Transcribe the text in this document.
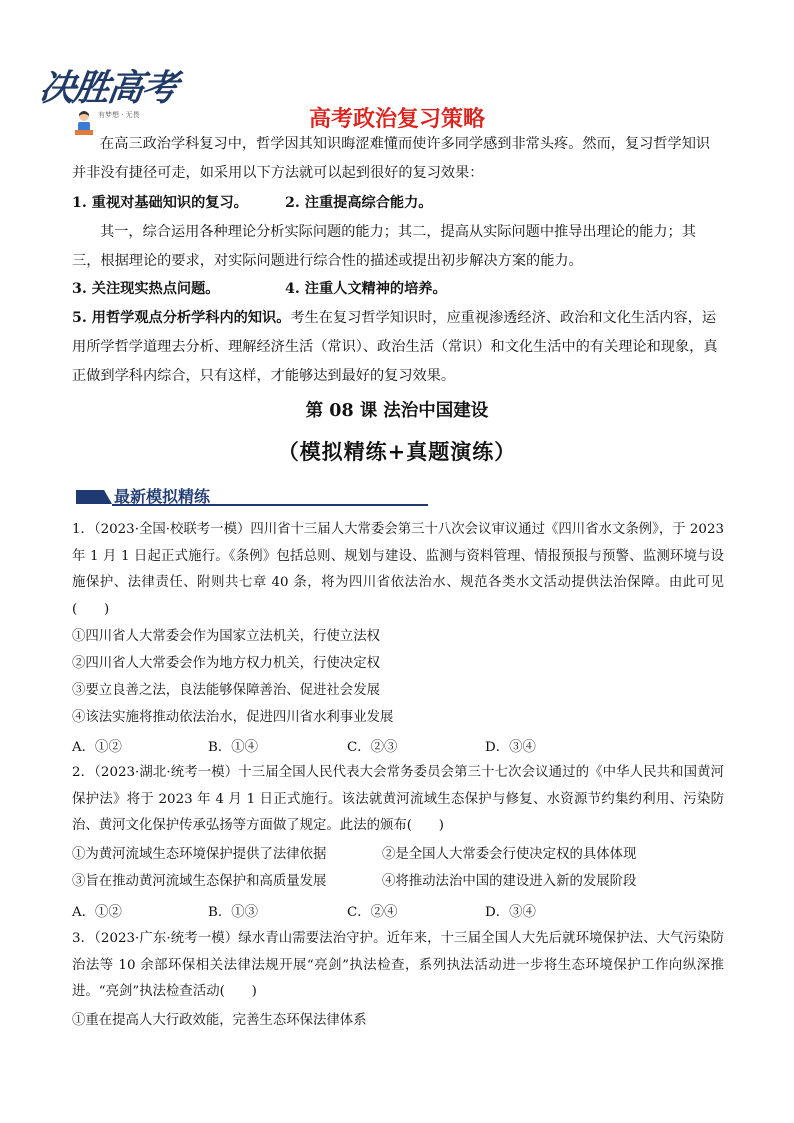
决胜高考
有梦想 · 无畏	高考政治复习策略

在高三政治学科复习中，哲学因其知识晦涩难懂而使许多同学感到非常头疼。然而，复习哲学知识并非没有捷径可走，如采用以下方法就可以起到很好的复习效果：

1. 重视对基础知识的复习。	2. 注重提高综合能力。

其一，综合运用各种理论分析实际问题的能力；其二，提高从实际问题中推导出理论的能力；其三，根据理论的要求，对实际问题进行综合性的描述或提出初步解决方案的能力。

3. 关注现实热点问题。	4. 注重人文精神的培养。

5. 用哲学观点分析学科内的知识。考生在复习哲学知识时，应重视渗透经济、政治和文化生活内容，运用所学哲学道理去分析、理解经济生活（常识）、政治生活（常识）和文化生活中的有关理论和现象，真正做到学科内综合，只有这样，才能够达到最好的复习效果。

第 08 课 法治中国建设
（模拟精练+真题演练）
最新模拟精练

1．（2023·全国·校联考一模）四川省十三届人大常委会第三十八次会议审议通过《四川省水文条例》，于 2023 年 1 月 1 日起正式施行。《条例》包括总则、规划与建设、监测与资料管理、情报预报与预警、监测环境与设施保护、法律责任、附则共七章 40 条，将为四川省依法治水、规范各类水文活动提供法治保障。由此可见(　　)

①四川省人大常委会作为国家立法机关，行使立法权
②四川省人大常委会作为地方权力机关，行使决定权
③要立良善之法，良法能够保障善治、促进社会发展
④该法实施将推动依法治水，促进四川省水利事业发展
A．①②	B．①④	C．②③	D．③④

2．（2023·湖北·统考一模）十三届全国人民代表大会常务委员会第三十七次会议通过的《中华人民共和国黄河保护法》将于 2023 年 4 月 1 日正式施行。该法就黄河流域生态保护与修复、水资源节约集约利用、污染防治、黄河文化保护传承弘扬等方面做了规定。此法的颁布(　　)

①为黄河流域生态环境保护提供了法律依据	②是全国人大常委会行使决定权的具体体现
③旨在推动黄河流域生态保护和高质量发展	④将推动法治中国的建设进入新的发展阶段
A．①②	B．①③	C．②④	D．③④

3．（2023·广东·统考一模）绿水青山需要法治守护。近年来，十三届全国人大先后就环境保护法、大气污染防治法等 10 余部环保相关法律法规开展“亮剑”执法检查，系列执法活动进一步将生态环境保护工作向纵深推进。“亮剑”执法检查活动(　　)

①重在提高人大行政效能，完善生态环保法律体系
